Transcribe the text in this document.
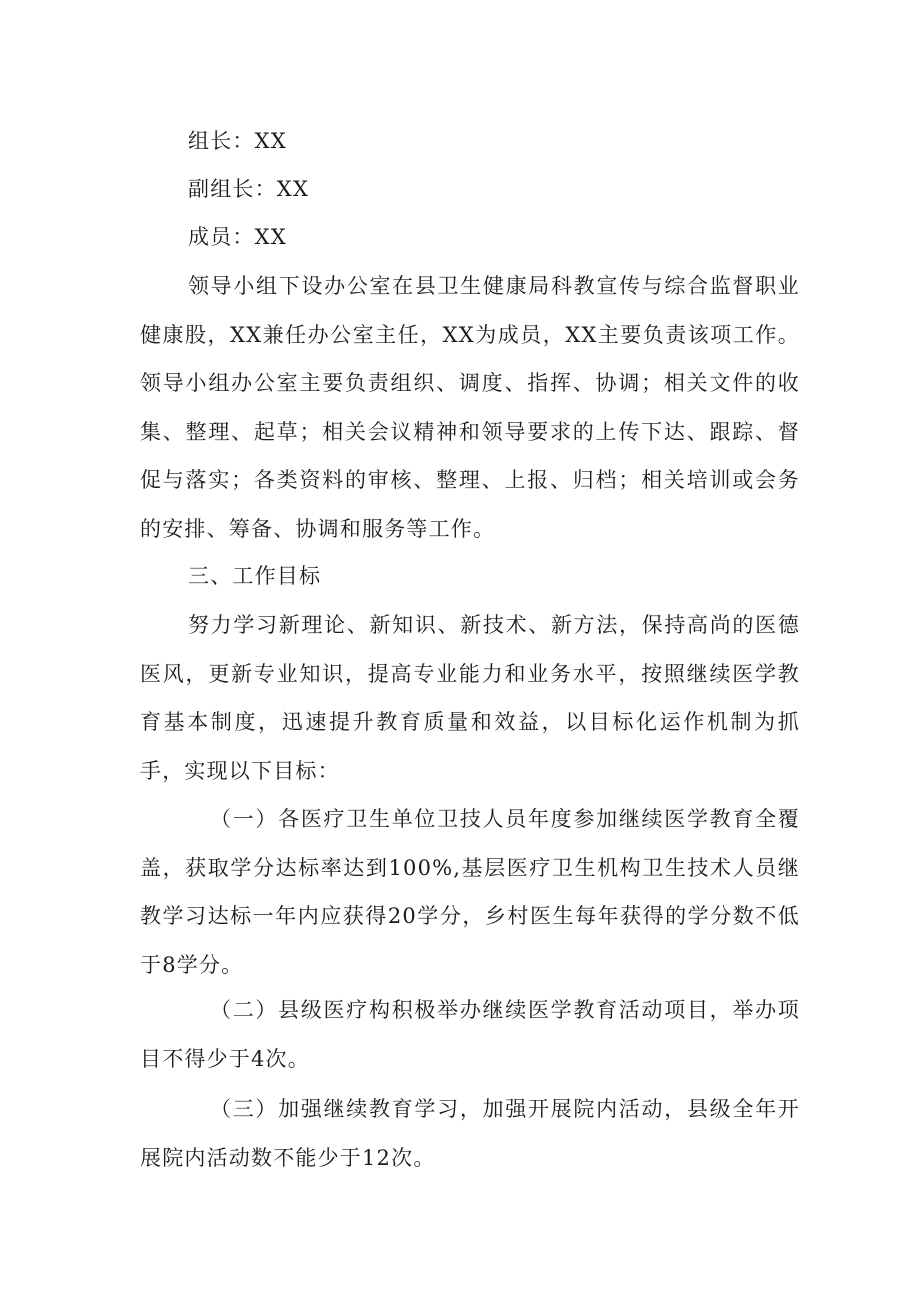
组长：XX

副组长：XX

成员：XX

领导小组下设办公室在县卫生健康局科教宣传与综合监督职业健康股，XX兼任办公室主任，XX为成员，XX主要负责该项工作。领导小组办公室主要负责组织、调度、指挥、协调；相关文件的收集、整理、起草；相关会议精神和领导要求的上传下达、跟踪、督促与落实；各类资料的审核、整理、上报、归档；相关培训或会务的安排、筹备、协调和服务等工作。

三、工作目标

努力学习新理论、新知识、新技术、新方法，保持高尚的医德医风，更新专业知识，提高专业能力和业务水平，按照继续医学教育基本制度，迅速提升教育质量和效益，以目标化运作机制为抓手，实现以下目标：

（一）各医疗卫生单位卫技人员年度参加继续医学教育全覆盖，获取学分达标率达到100%,基层医疗卫生机构卫生技术人员继教学习达标一年内应获得20学分，乡村医生每年获得的学分数不低于8学分。

（二）县级医疗构积极举办继续医学教育活动项目，举办项目不得少于4次。

（三）加强继续教育学习，加强开展院内活动，县级全年开展院内活动数不能少于12次。
